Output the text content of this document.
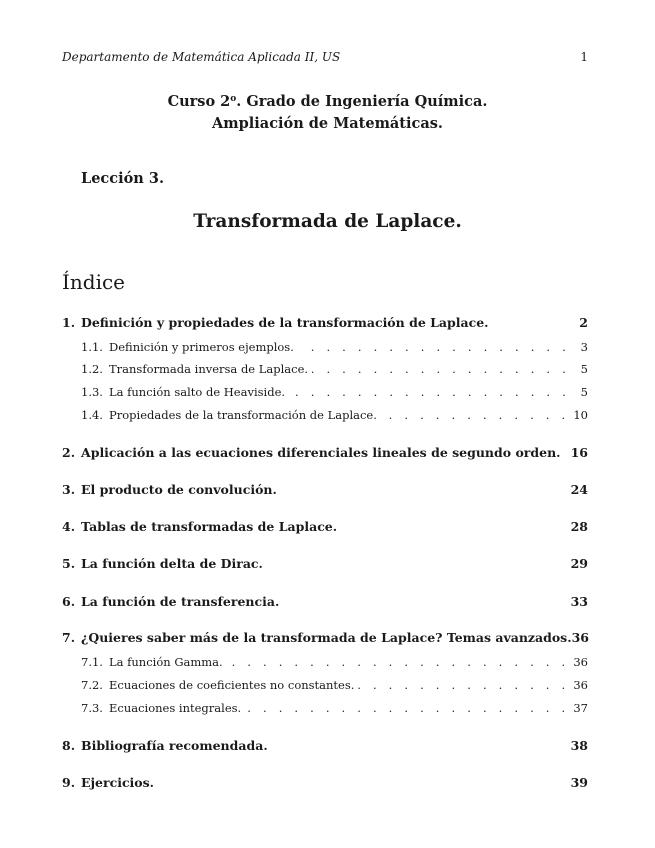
Departamento de Matemática Aplicada II, US	1
Curso 2$^o$. Grado de Ingeniería Química.
Ampliación de Matemáticas.
Lección 3.
Transformada de Laplace.
Índice
1. Definición y propiedades de la transformación de Laplace.	2
1.1. Definición y primeros ejemplos. . . .	3
1.2. Transformada inversa de Laplace. . . .	5
1.3. La función salto de Heaviside. . . .	5
1.4. Propiedades de la transformación de Laplace. . . .	10
2. Aplicación a las ecuaciones diferenciales lineales de segundo orden. 16
3. El producto de convolución.	24
4. Tablas de transformadas de Laplace.	28
5. La función delta de Dirac.	29
6. La función de transferencia.	33
7. ¿Quieres saber más de la transformada de Laplace? Temas avanzados. 36
7.1. La función Gamma. . . .	36
7.2. Ecuaciones de coeficientes no constantes. . . .	36
7.3. Ecuaciones integrales. . . .	37
8. Bibliografía recomendada.	38
9. Ejercicios.	39
